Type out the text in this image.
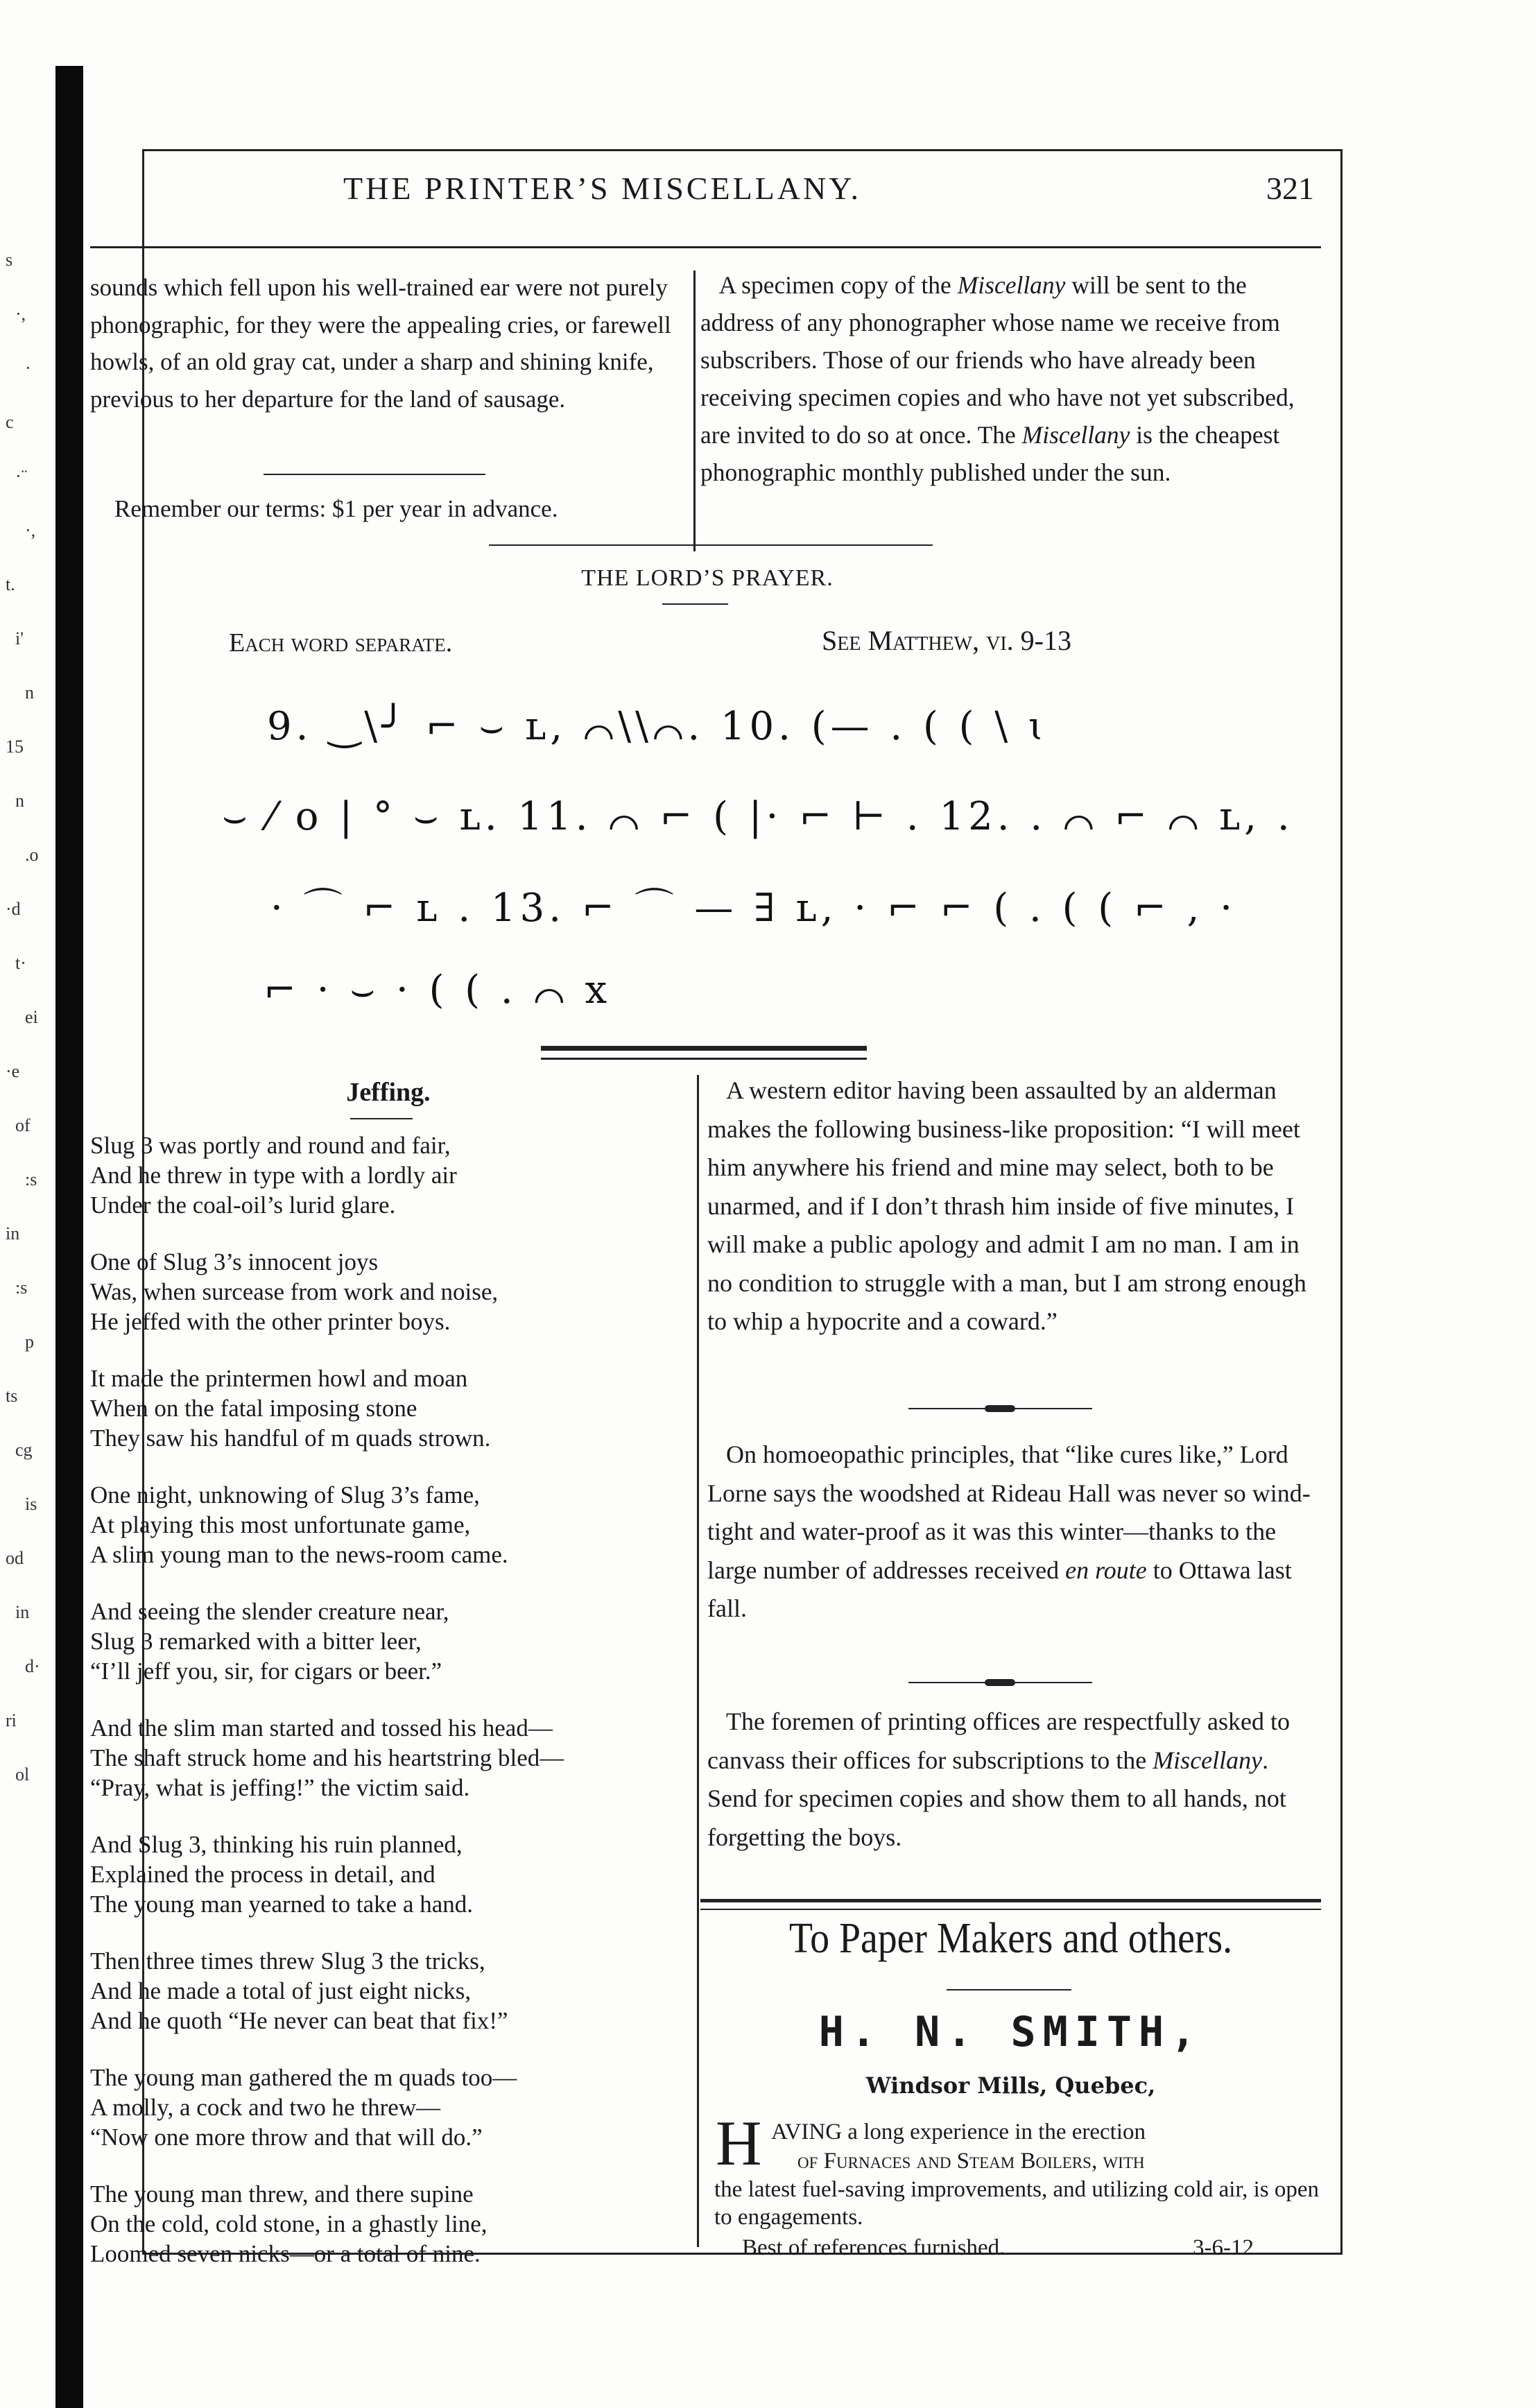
s
·,
·
c
·¨
·,
t.
i'
n
15
n
.o
·d
t·
ei
·e
of
:s
in
:s
p
ts
cg
is
od
in
d·
ri
ol
THE PRINTER’S MISCELLANY.	321

sounds which fell upon his well-trained ear were not purely phonographic, for they were the appealing cries, or farewell howls, of an old gray cat, under a sharp and shining knife, previous to her departure for the land of sausage.

Remember our terms: $1 per year in advance.

A specimen copy of the Miscellany will be sent to the address of any phonographer whose name we receive from subscribers. Those of our friends who have already been receiving specimen copies and who have not yet subscribed, are invited to do so at once. The Miscellany is the cheapest phonographic monthly published under the sun.

THE LORD’S PRAYER.
Each word separate.	See Matthew, vi. 9-13
9. ‿\╯ ⌐ ⌣ ʟ, ⌒\\⌒. 10. (— . ( ( \ ɩ
⌣ ⁄ o | ° ⌣ ʟ. 11. ⌒ ⌐ ( |· ⌐ ⊢ . 12. . ⌒ ⌐ ⌒ ʟ, .
· ⌒ ⌐ ʟ . 13. ⌐ ⌒ — ∃ ʟ, · ⌐ ⌐ ( . ( ( ⌐ , ·
⌐ · ⌣ · ( ( . ⌒ x
Jeffing.
Slug 3 was portly and round and fair,
And he threw in type with a lordly air
Under the coal-oil’s lurid glare.
One of Slug 3’s innocent joys
Was, when surcease from work and noise,
He jeffed with the other printer boys.
It made the printermen howl and moan
When on the fatal imposing stone
They saw his handful of m quads strown.
One night, unknowing of Slug 3’s fame,
At playing this most unfortunate game,
A slim young man to the news-room came.
And seeing the slender creature near,
Slug 3 remarked with a bitter leer,
“I’ll jeff you, sir, for cigars or beer.”
And the slim man started and tossed his head—
The shaft struck home and his heartstring bled—
“Pray, what is jeffing!” the victim said.
And Slug 3, thinking his ruin planned,
Explained the process in detail, and
The young man yearned to take a hand.
Then three times threw Slug 3 the tricks,
And he made a total of just eight nicks,
And he quoth “He never can beat that fix!”
The young man gathered the m quads too—
A molly, a cock and two he threw—
“Now one more throw and that will do.”
The young man threw, and there supine
On the cold, cold stone, in a ghastly line,
Loomed seven nicks—or a total of nine.

A western editor having been assaulted by an alderman makes the following business-like proposition: “I will meet him anywhere his friend and mine may select, both to be unarmed, and if I don’t thrash him inside of five minutes, I will make a public apology and admit I am no man. I am in no condition to struggle with a man, but I am strong enough to whip a hypocrite and a coward.”

On homoeopathic principles, that “like cures like,” Lord Lorne says the woodshed at Rideau Hall was never so wind-tight and water-proof as it was this winter—thanks to the large number of addresses received en route to Ottawa last fall.

The foremen of printing offices are respectfully asked to canvass their offices for subscriptions to the Miscellany. Send for specimen copies and show them to all hands, not forgetting the boys.

To Paper Makers and others.
H. N. SMITH,
Windsor Mills, Quebec,
H AVING a long experience in the erection
of Furnaces and Steam Boilers, with
the latest fuel-saving improvements, and utilizing cold air, is open to engagements.
Best of references furnished.	3-6-12
